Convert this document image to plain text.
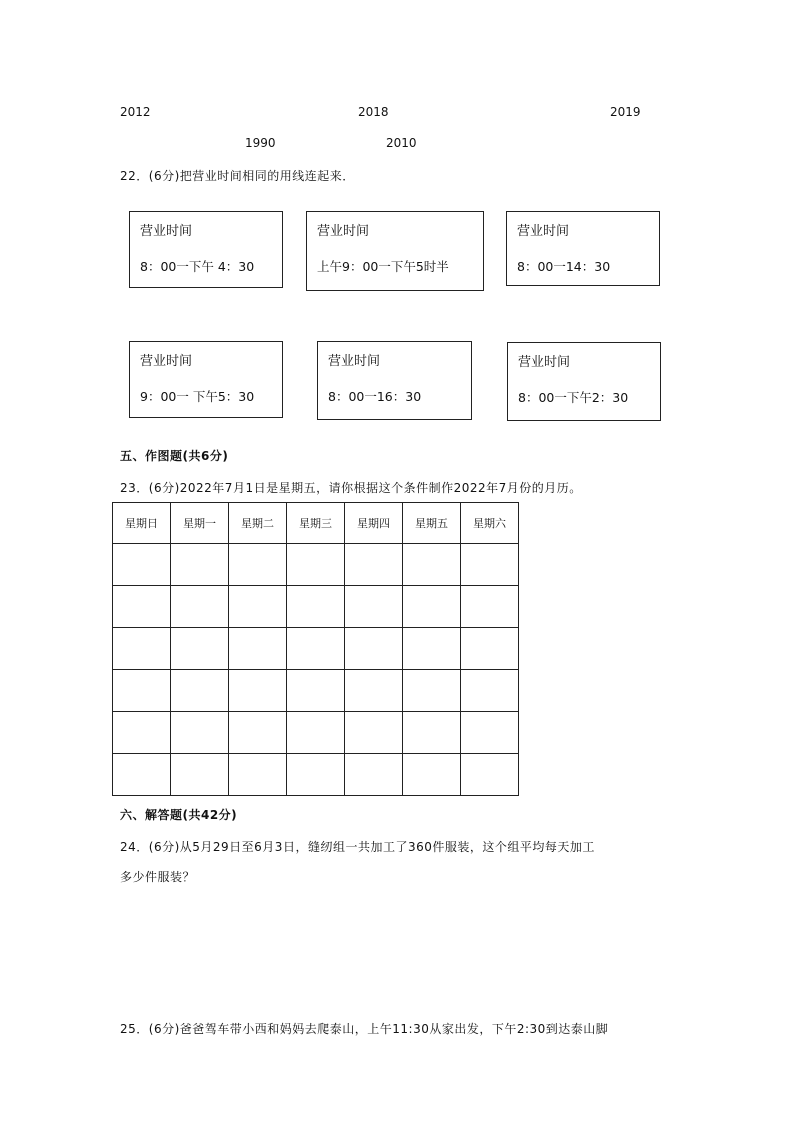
2012	2018	2019
1990	2010
22．(6分)把营业时间相同的用线连起来．
营业时间
8：00一下午 4：30
营业时间
上午9：00一下午5时半
营业时间
8：00一14：30
营业时间
9：00一 下午5：30
营业时间
8：00一16：30
营业时间
8：00一下午2：30
五、作图题(共6分)
23．(6分)2022年7月1日是星期五，请你根据这个条件制作2022年7月份的月历。
星期日	星期一	星期二	星期三	星期四	星期五	星期六

六、解答题(共42分)
24．(6分)从5月29日至6月3日，缝纫组一共加工了360件服装，这个组平均每天加工
多少件服装？
25．(6分)爸爸驾车带小西和妈妈去爬泰山，上午11:30从家出发，下午2:30到达泰山脚
